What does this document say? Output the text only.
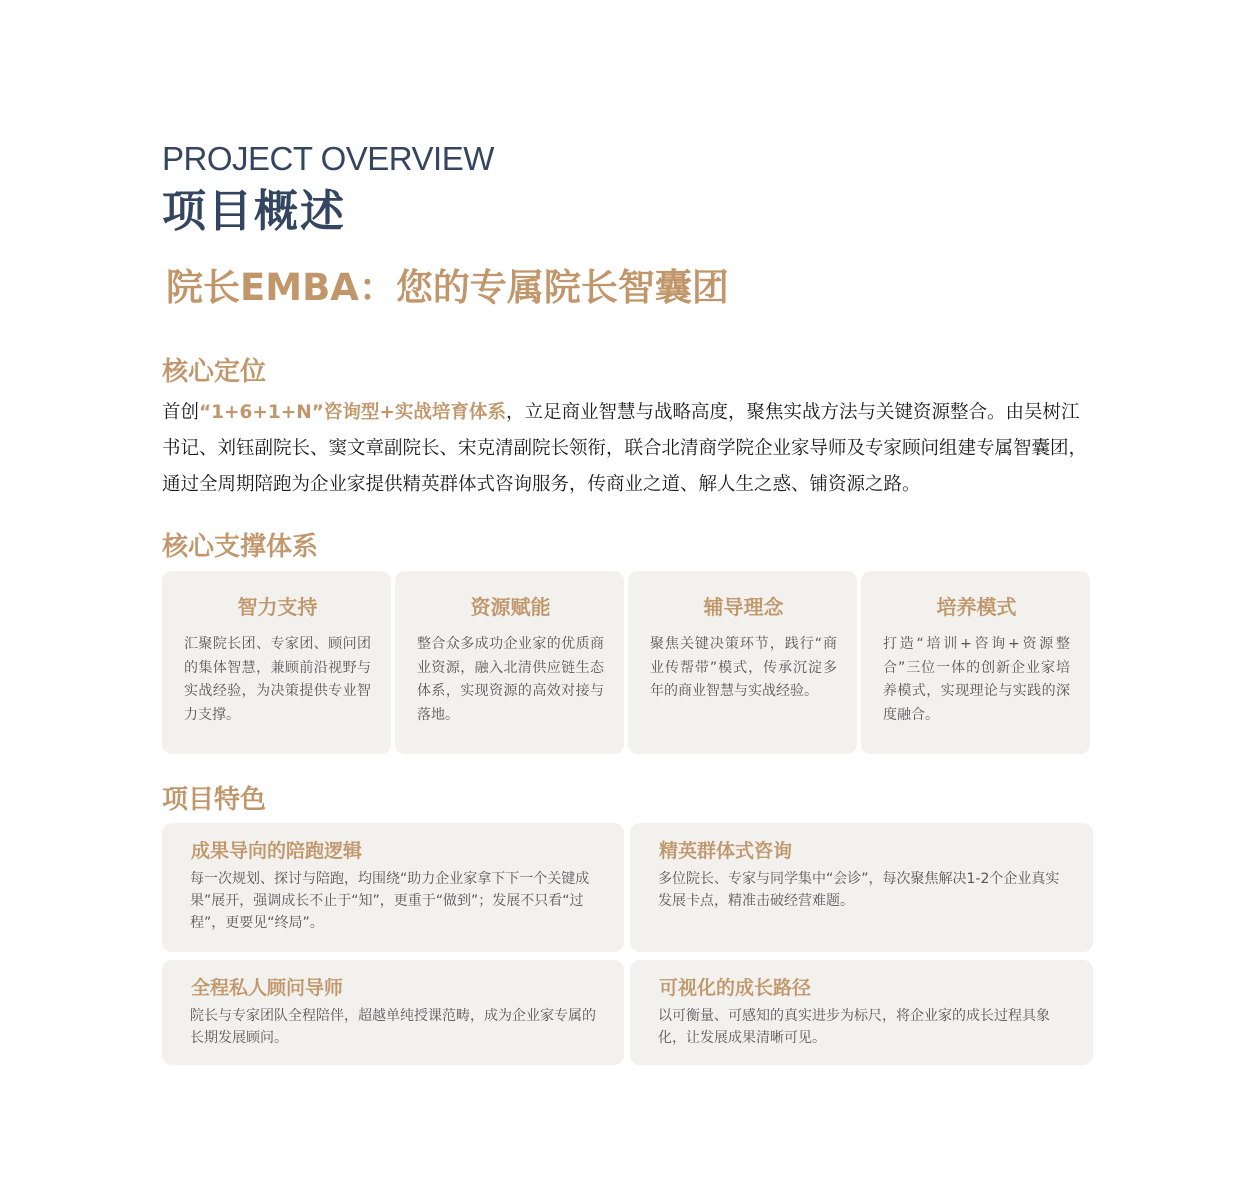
PROJECT OVERVIEW

项目概述
院长EMBA：您的专属院长智囊团
核心定位

首创“1+6+1+N”咨询型+实战培育体系，立足商业智慧与战略高度，聚焦实战方法与关键资源整合。由吴树江书记、刘钰副院长、窦文章副院长、宋克清副院长领衔，联合北清商学院企业家导师及专家顾问组建专属智囊团，通过全周期陪跑为企业家提供精英群体式咨询服务，传商业之道、解人生之惑、铺资源之路。

核心支撑体系

智力支持

汇聚院长团、专家团、顾问团的集体智慧，兼顾前沿视野与实战经验，为决策提供专业智力支撑。

资源赋能

整合众多成功企业家的优质商业资源，融入北清供应链生态体系，实现资源的高效对接与落地。

辅导理念

聚焦关键决策环节，践行“商业传帮带”模式，传承沉淀多年的商业智慧与实战经验。

培养模式

打造“培训+咨询+资源整合”三位一体的创新企业家培养模式，实现理论与实践的深度融合。

项目特色

成果导向的陪跑逻辑

每一次规划、探讨与陪跑，均围绕“助力企业家拿下下一个关键成果”展开，强调成长不止于“知”，更重于“做到”；发展不只看“过程”，更要见“终局”。

精英群体式咨询

多位院长、专家与同学集中“会诊”，每次聚焦解决1-2个企业真实发展卡点，精准击破经营难题。

全程私人顾问导师

院长与专家团队全程陪伴，超越单纯授课范畴，成为企业家专属的长期发展顾问。

可视化的成长路径

以可衡量、可感知的真实进步为标尺，将企业家的成长过程具象化，让发展成果清晰可见。
